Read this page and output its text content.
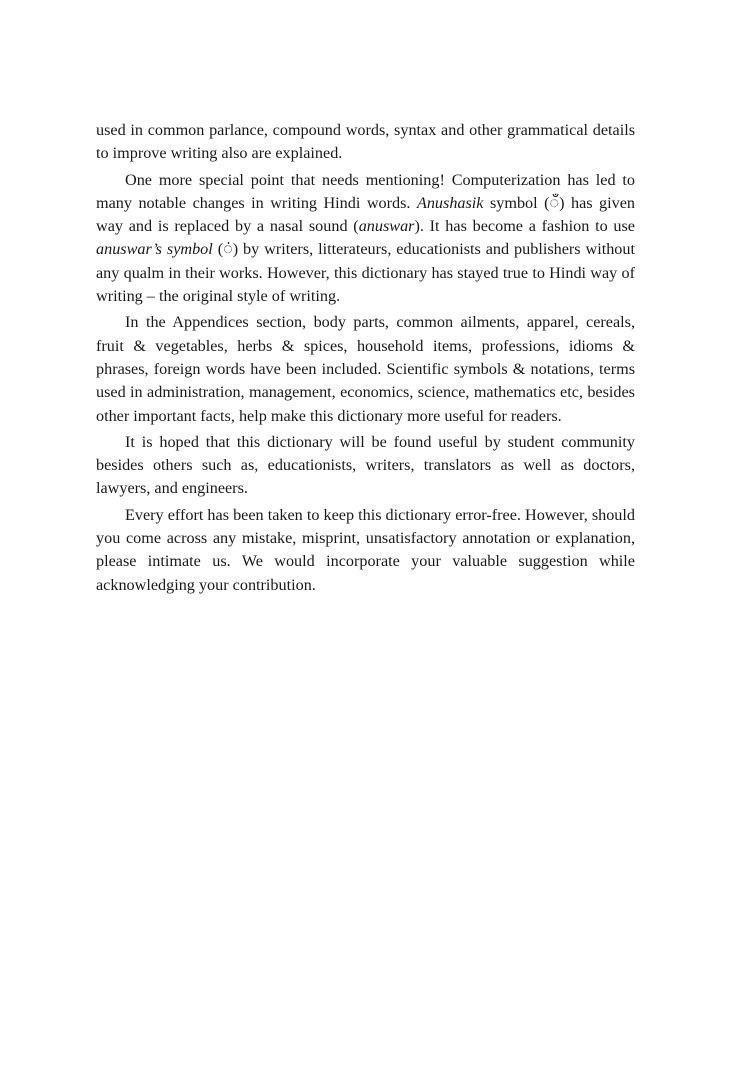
used in common parlance, compound words, syntax and other grammatical details to improve writing also are explained.

One more special point that needs mentioning! Computerization has led to many notable changes in writing Hindi words. Anushasik symbol (ँ) has given way and is replaced by a nasal sound (anuswar). It has become a fashion to use anuswar’s symbol (ं) by writers, litterateurs, educationists and publishers without any qualm in their works. However, this dictionary has stayed true to Hindi way of writing – the original style of writing.

In the Appendices section, body parts, common ailments, apparel, cereals, fruit & vegetables, herbs & spices, household items, professions, idioms & phrases, foreign words have been included. Scientific symbols & notations, terms used in administration, management, economics, science, mathematics etc, besides other important facts, help make this dictionary more useful for readers.

It is hoped that this dictionary will be found useful by student community besides others such as, educationists, writers, translators as well as doctors, lawyers, and engineers.

Every effort has been taken to keep this dictionary error-free. However, should you come across any mistake, misprint, unsatisfactory annotation or explanation, please intimate us. We would incorporate your valuable suggestion while acknowledging your contribution.
